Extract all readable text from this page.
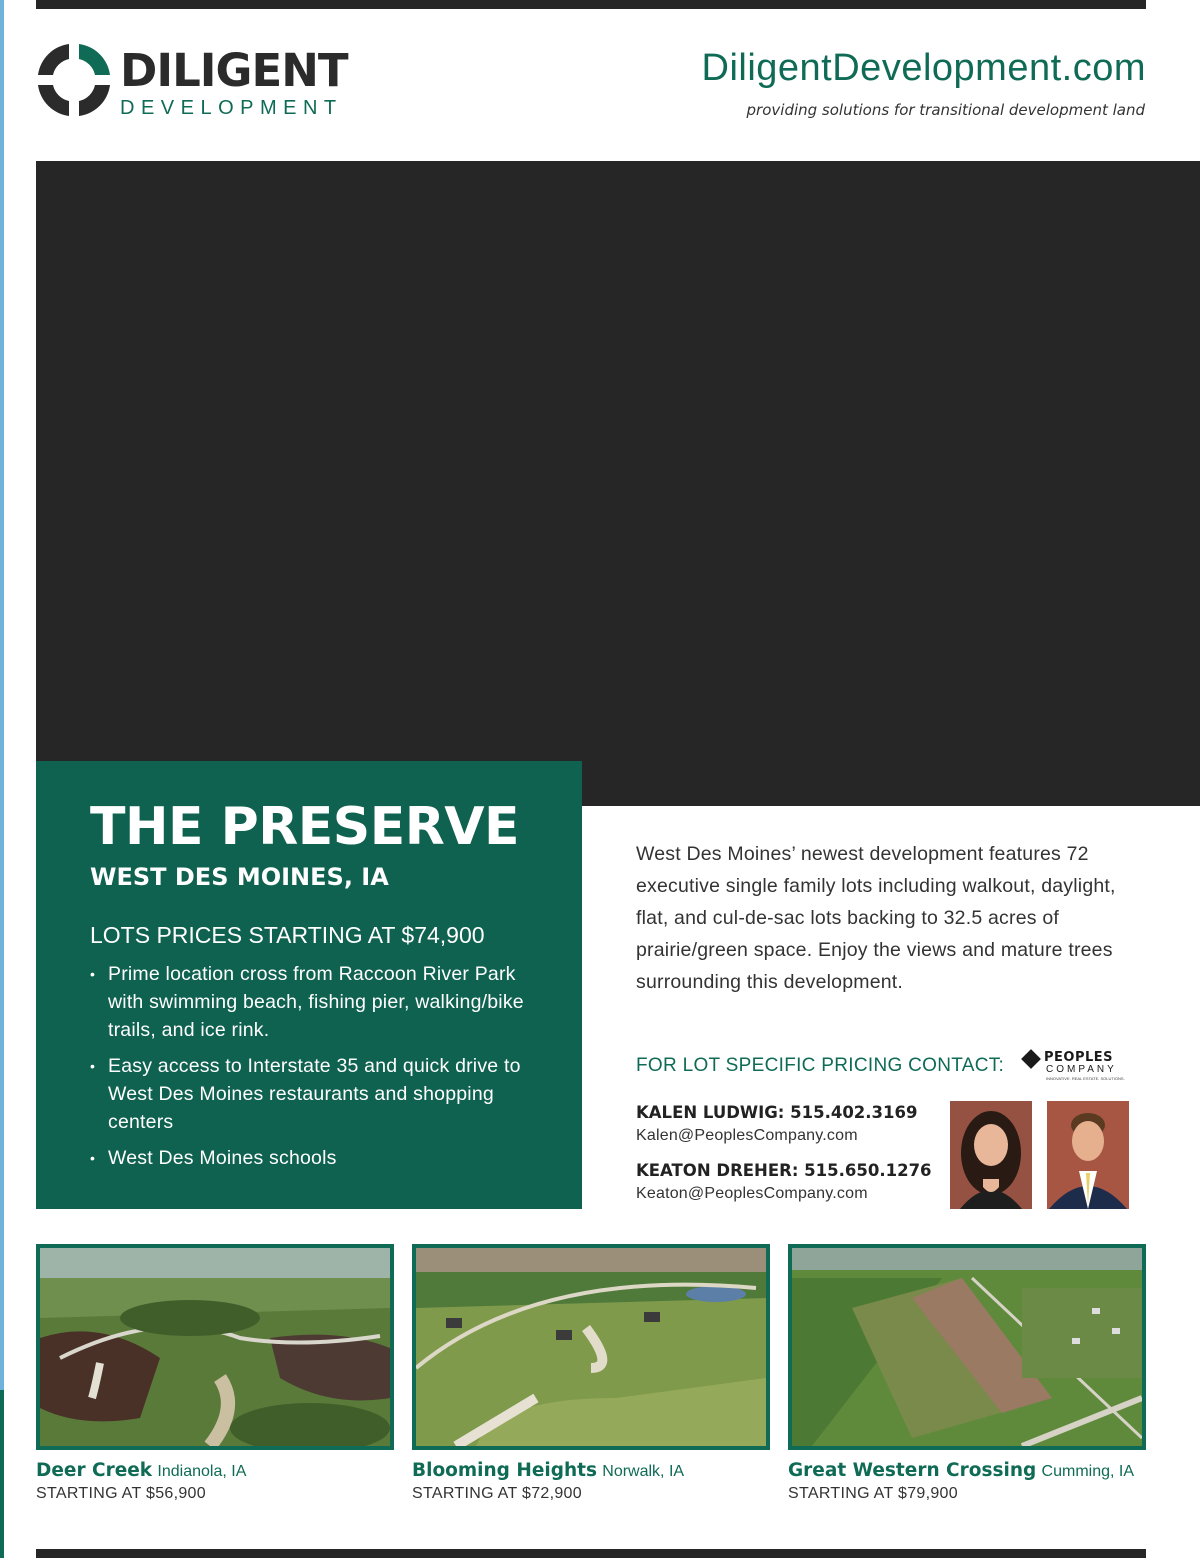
DILIGENT
DEVELOPMENT
DiligentDevelopment.com
providing solutions for transitional development land
THE PRESERVE
WEST DES MOINES, IA
LOTS PRICES STARTING AT $74,900
• Prime location cross from Raccoon River Park with swimming beach, fishing pier, walking/bike trails, and ice rink.
• Easy access to Interstate 35 and quick drive to West Des Moines restaurants and shopping centers
• West Des Moines schools
West Des Moines’ newest development features 72 executive single family lots including walkout, daylight, flat, and cul-de-sac lots backing to 32.5 acres of prairie/green space. Enjoy the views and mature trees surrounding this development.
FOR LOT SPECIFIC PRICING CONTACT:	PEOPLES
COMPANY
INNOVATIVE. REAL ESTATE. SOLUTIONS.
KALEN LUDWIG: 515.402.3169
Kalen@PeoplesCompany.com
KEATON DREHER: 515.650.1276
Keaton@PeoplesCompany.com
Deer Creek Indianola, IA
STARTING AT $56,900
Blooming Heights Norwalk, IA
STARTING AT $72,900
Great Western Crossing Cumming, IA
STARTING AT $79,900
